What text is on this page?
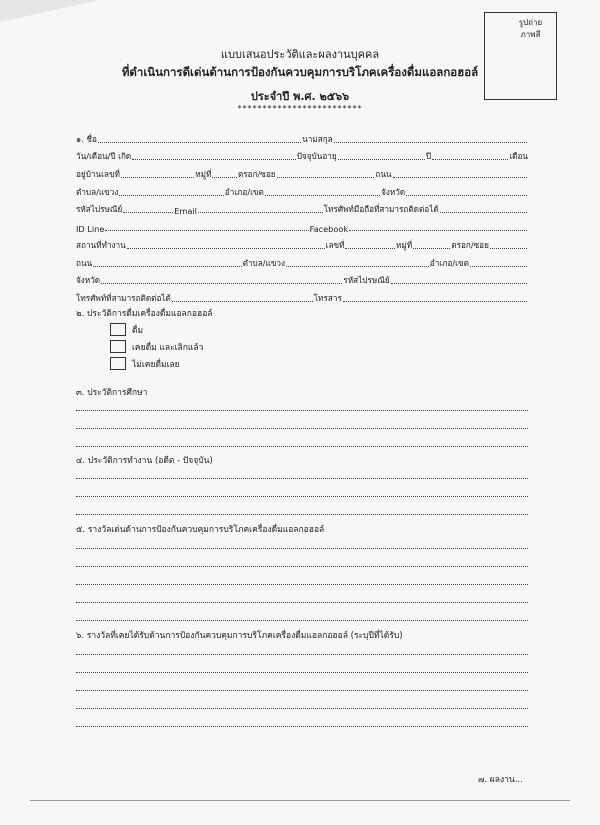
รูปถ่าย
ภาพสี
แบบเสนอประวัติและผลงานบุคคล
ที่ดำเนินการดีเด่นด้านการป้องกันควบคุมการบริโภคเครื่องดื่มแอลกอฮอล์
ประจำปี พ.ศ. ๒๕๖๖
*************************
๑. ชื่อ	นามสกุล
วัน/เดือน/ปี เกิด	ปัจจุบันอายุ	ปี	เดือน
อยู่บ้านเลขที่	หมู่ที่	ตรอก/ซอย	ถนน
ตำบล/แขวง	อำเภอ/เขต	จังหวัด
รหัสไปรษณีย์	Email	โทรศัพท์มือถือที่สามารถติดต่อได้
ID Line	Facebook
สถานที่ทำงาน	เลขที่	หมู่ที่	ตรอก/ซอย
ถนน	ตำบล/แขวง	อำเภอ/เขต
จังหวัด	รหัสไปรษณีย์
โทรศัพท์ที่สามารถติดต่อได้	โทรสาร
๒. ประวัติการดื่มเครื่องดื่มแอลกอฮอล์
ดื่ม
เคยดื่ม และเลิกแล้ว
ไม่เคยดื่มเลย
๓. ประวัติการศึกษา
๔. ประวัติการทำงาน (อดีต - ปัจจุบัน)
๕. รางวัลเด่นด้านการป้องกันควบคุมการบริโภคเครื่องดื่มแอลกอฮอล์
๖. รางวัลที่เคยได้รับด้านการป้องกันควบคุมการบริโภคเครื่องดื่มแอลกอฮอล์ (ระบุปีที่ได้รับ)
๗. ผลงาน...
